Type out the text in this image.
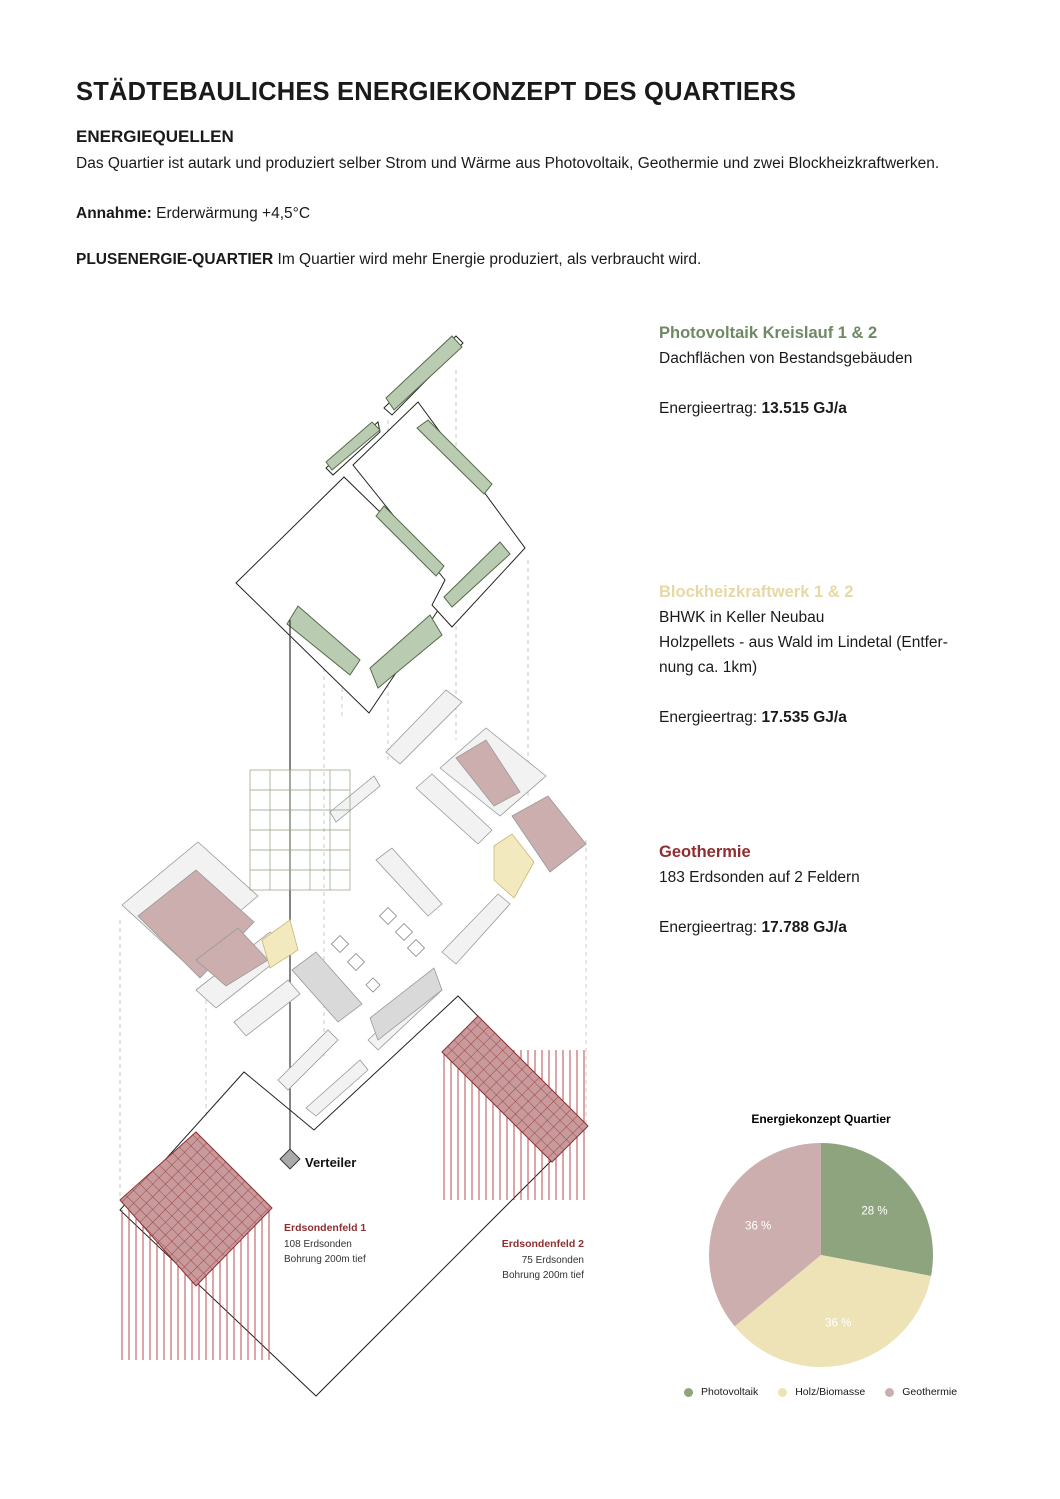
STÄDTEBAULICHES ENERGIEKONZEPT DES QUARTIERS
ENERGIEQUELLEN
Das Quartier ist autark und produziert selber Strom und Wärme aus Photovoltaik, Geothermie und zwei Blockheizkraftwerken.
Annahme: Erderwärmung +4,5°C
PLUSENERGIE-QUARTIER Im Quartier wird mehr Energie produziert, als verbraucht wird.
Photovoltaik Kreislauf 1 & 2
Dachflächen von Bestandsgebäuden
Energieertrag: 13.515 GJ/a
Blockheizkraftwerk 1 & 2
BHWK in Keller Neubau
Holzpellets - aus Wald im Lindetal (Entfer-
nung ca. 1km)
Energieertrag: 17.535 GJ/a
Geothermie
183 Erdsonden auf 2 Feldern
Energieertrag: 17.788 GJ/a
Verteiler
Erdsondenfeld 1
108 Erdsonden
Bohrung 200m tief
Erdsondenfeld 2
75 Erdsonden
Bohrung 200m tief
Energiekonzept Quartier
28 %
36 %
36 %
Photovoltaik	Holz/Biomasse	Geothermie
